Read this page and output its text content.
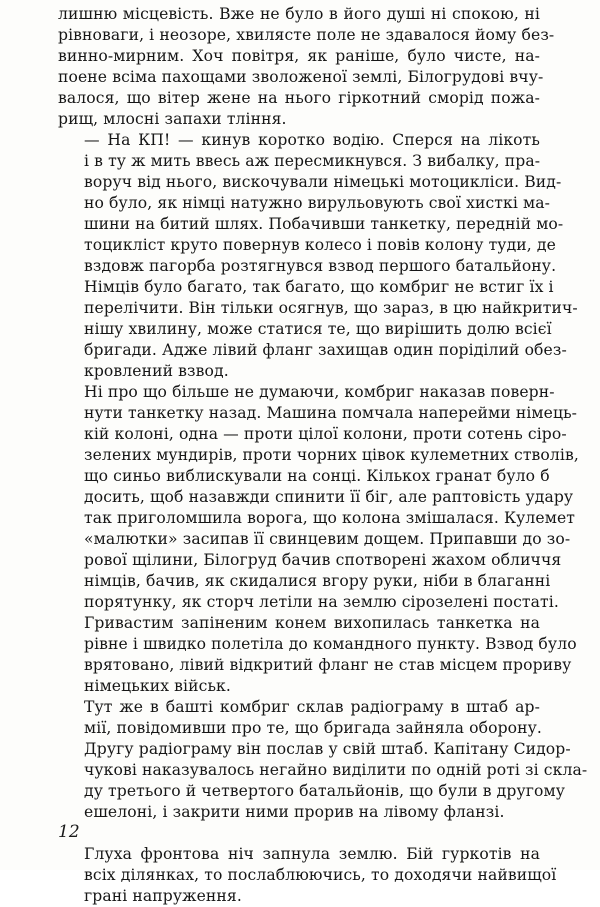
лишню місцевість. Вже не було в його душі ні спокою, ні
рівноваги, і неозоре, хвилясте поле не здавалося йому без-
винно-мирним. Хоч повітря, як раніше, було чисте, на-
поене всіма пахощами зволоженої землі, Білогрудові вчу-
валося, що вітер жене на нього гіркотний сморід пожа-
рищ, млосні запахи тління.

— На КП! — кинув коротко водію. Сперся на лікоть
і в ту ж мить ввесь аж пересмикнувся. З вибалку, пра-
воруч від нього, вискочували німецькі мотоцикліси. Вид-
но було, як німці натужно вирульовують свої хисткі ма-
шини на битий шлях. Побачивши танкетку, передній мо-
тоцикліст круто повернув колесо і повів колону туди, де
вздовж пагорба розтягнувся взвод першого батальйону.
Німців було багато, так багато, що комбриг не встиг їх і
перелічити. Він тільки осягнув, що зараз, в цю найкритич-
нішу хвилину, може статися те, що вирішить долю всієї
бригади. Адже лівий фланг захищав один поріділий обез-
кровлений взвод.

Ні про що більше не думаючи, комбриг наказав поверн-
нути танкетку назад. Машина помчала наперейми німець-
кій колоні, одна — проти цілої колони, проти сотень сіро-
зелених мундирів, проти чорних цівок кулеметних стволів,
що синьо виблискували на сонці. Кількох гранат було б
досить, щоб назавжди спинити її біг, але раптовість удару
так приголомшила ворога, що колона змішалася. Кулемет
«малютки» засипав її свинцевим дощем. Припавши до зо-
рової щілини, Білогруд бачив спотворені жахом обличчя
німців, бачив, як скидалися вгору руки, ніби в благанні
порятунку, як сторч летіли на землю сірозелені постаті.

Гривастим запіненим конем вихопилась танкетка на
рівне і швидко полетіла до командного пункту. Взвод було
врятовано, лівий відкритий фланг не став місцем прориву
німецьких військ.

Тут же в башті комбриг склав радіограму в штаб ар-
мії, повідомивши про те, що бригада зайняла оборону.
Другу радіограму він послав у свій штаб. Капітану Сидор-
чукові наказувалось негайно виділити по одній роті зі скла-
ду третього й четвертого батальйонів, що були в другому
ешелоні, і закрити ними прорив на лівому фланзі.

Глуха фронтова ніч запнула землю. Бій гуркотів на
всіх ділянках, то послаблюючись, то доходячи найвищої
грані напруження.

12
